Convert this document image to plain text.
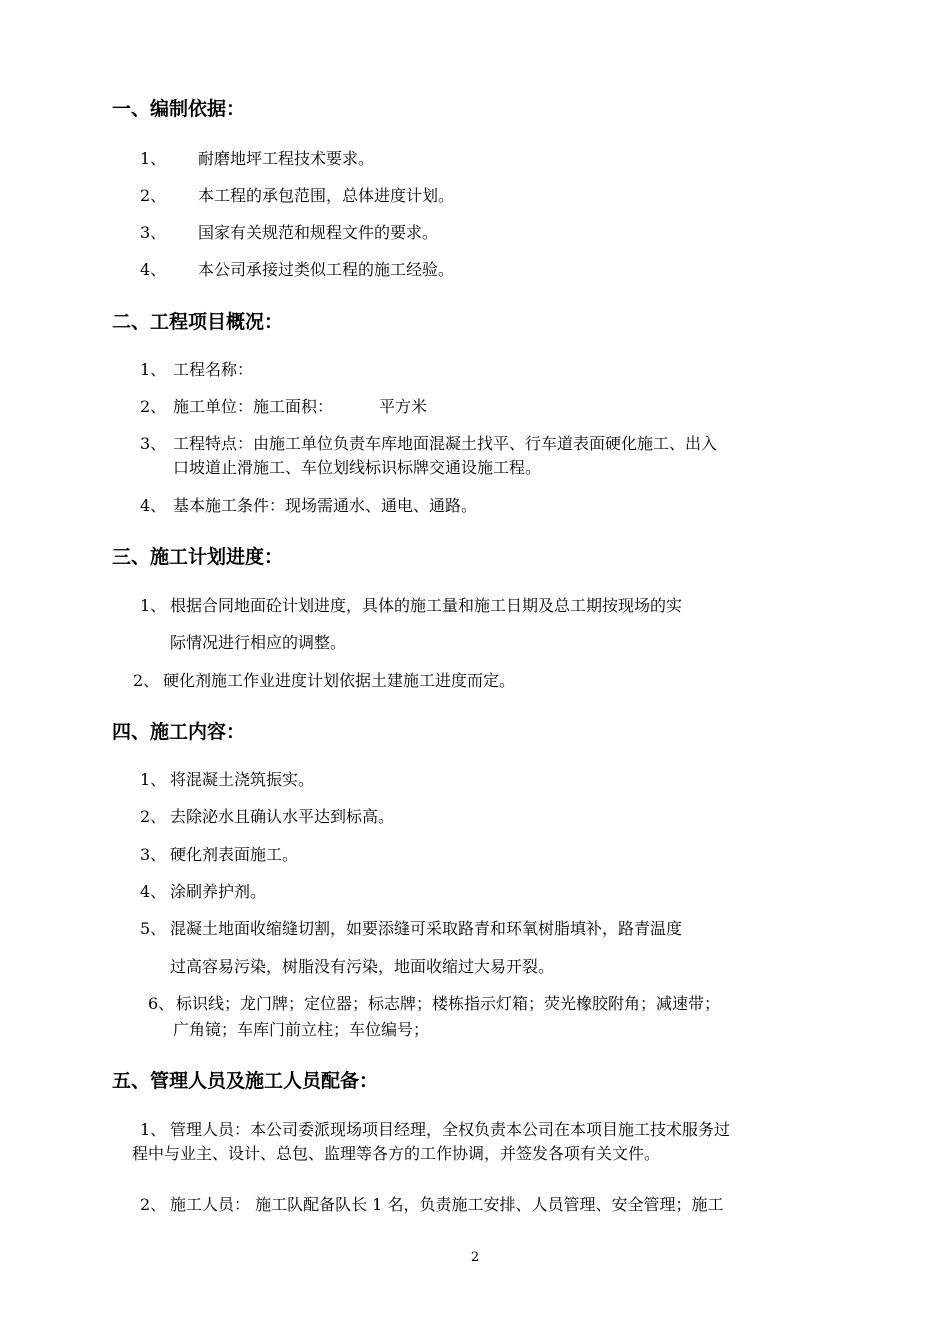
一、编制依据：
1、 耐磨地坪工程技术要求。
2、 本工程的承包范围，总体进度计划。
3、 国家有关规范和规程文件的要求。
4、 本公司承接过类似工程的施工经验。
二、工程项目概况：
1、 工程名称：
2、 施工单位：施工面积：	平方米
3、 工程特点：由施工单位负责车库地面混凝土找平、行车道表面硬化施工、出入
口坡道止滑施工、车位划线标识标牌交通设施工程。
4、 基本施工条件：现场需通水、通电、通路。
三、施工计划进度：
1、 根据合同地面砼计划进度，具体的施工量和施工日期及总工期按现场的实
际情况进行相应的调整。
2、 硬化剂施工作业进度计划依据土建施工进度而定。
四、施工内容：
1、 将混凝土浇筑振实。
2、 去除泌水且确认水平达到标高。
3、 硬化剂表面施工。
4、 涂刷养护剂。
5、 混凝土地面收缩缝切割，如要添缝可采取路青和环氧树脂填补，路青温度
过高容易污染，树脂没有污染，地面收缩过大易开裂。
6、 标识线；龙门牌；定位器；标志牌；楼栋指示灯箱；荧光橡胶附角；减速带；
广角镜；车库门前立柱；车位编号；
五、管理人员及施工人员配备：
1、 管理人员：本公司委派现场项目经理，全权负责本公司在本项目施工技术服务过
程中与业主、设计、总包、监理等各方的工作协调，并签发各项有关文件。
2、 施工人员： 施工队配备队长 1 名，负责施工安排、人员管理、安全管理；施工
2
